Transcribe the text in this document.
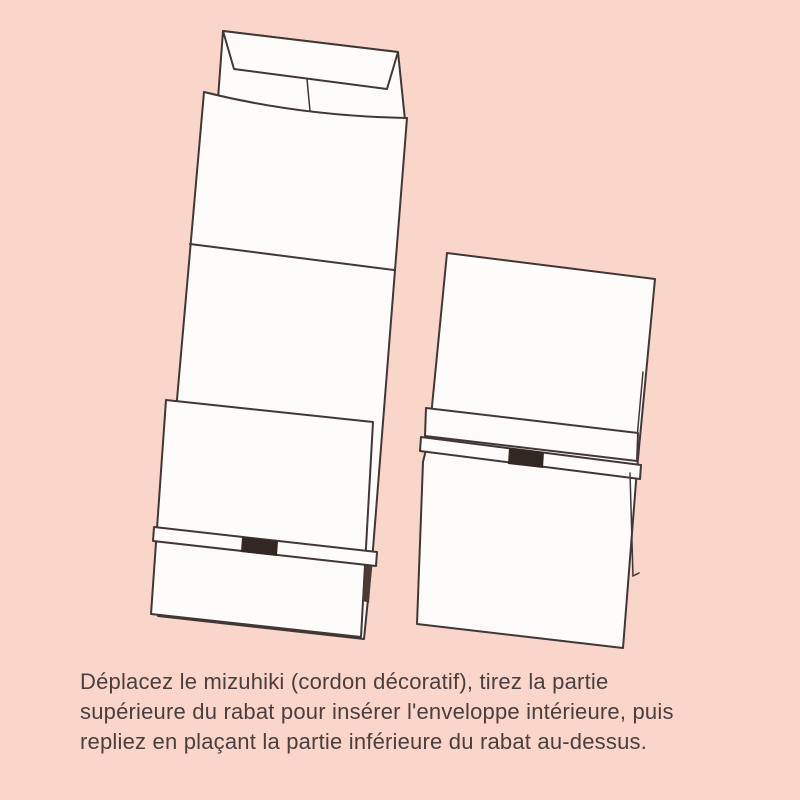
Déplacez le mizuhiki (cordon décoratif), tirez la partie
supérieure du rabat pour insérer l'enveloppe intérieure, puis
repliez en plaçant la partie inférieure du rabat au-dessus.
